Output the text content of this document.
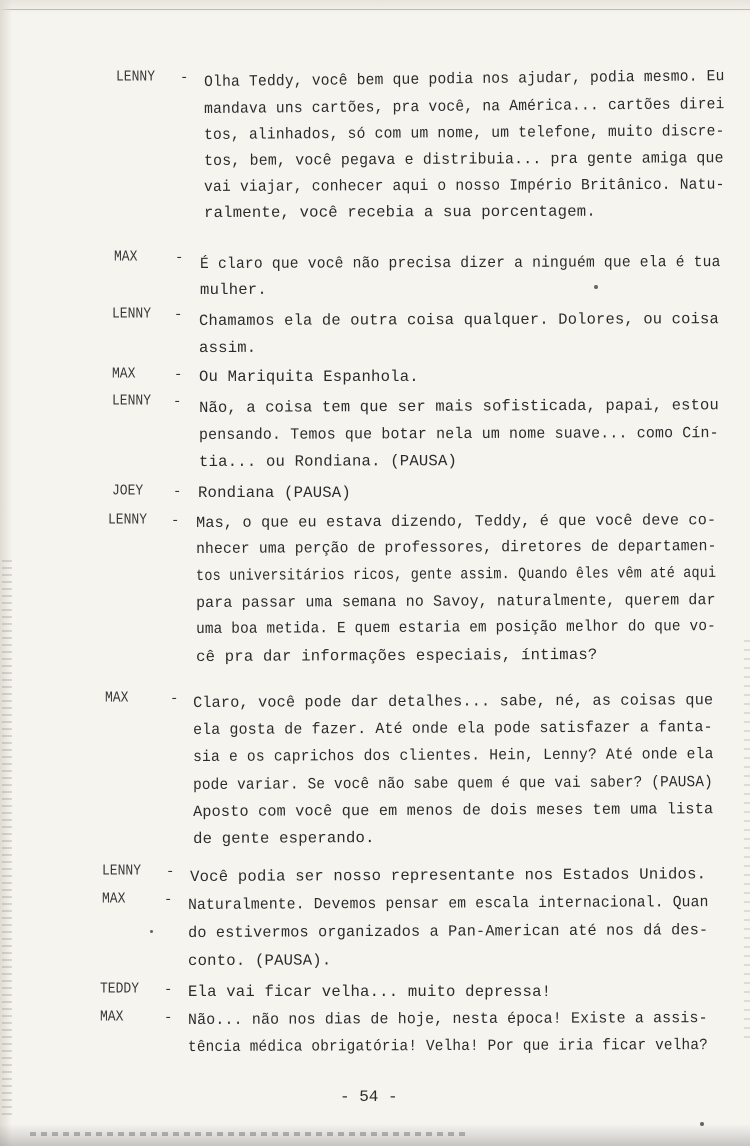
LENNY - Olha Teddy, você bem que podia nos ajudar, podia mesmo. Eu
mandava uns cartões, pra você, na América... cartões direi
tos, alinhados, só com um nome, um telefone, muito discre-
tos, bem, você pegava e distribuia... pra gente amiga que
vai viajar, conhecer aqui o nosso Império Britânico. Natu-
ralmente, você recebia a sua porcentagem.
MAX	- É claro que você não precisa dizer a ninguém que ela é tua
mulher.
LENNY - Chamamos ela de outra coisa qualquer. Dolores, ou coisa
assim.
MAX	- Ou Mariquita Espanhola.
LENNY - Não, a coisa tem que ser mais sofisticada, papai, estou
pensando. Temos que botar nela um nome suave... como Cín-
tia... ou Rondiana. (PAUSA)
JOEY - Rondiana (PAUSA)
LENNY - Mas, o que eu estava dizendo, Teddy, é que você deve co-
nhecer uma perção de professores, diretores de departamen-
tos universitários ricos, gente assim. Quando êles vêm até aqui
para passar uma semana no Savoy, naturalmente, querem dar
uma boa metida. E quem estaria em posição melhor do que vo-
cê pra dar informações especiais, íntimas?
MAX	- Claro, você pode dar detalhes... sabe, né, as coisas que
ela gosta de fazer. Até onde ela pode satisfazer a fanta-
sia e os caprichos dos clientes. Hein, Lenny? Até onde ela
pode variar. Se você não sabe quem é que vai saber? (PAUSA)
Aposto com você que em menos de dois meses tem uma lista
de gente esperando.
LENNY - Você podia ser nosso representante nos Estados Unidos.
MAX	- Naturalmente. Devemos pensar em escala internacional. Quan
do estivermos organizados a Pan-American até nos dá des-
conto. (PAUSA).
TEDDY - Ela vai ficar velha... muito depressa!
MAX	- Não... não nos dias de hoje, nesta época! Existe a assis-
tência médica obrigatória! Velha! Por que iria ficar velha?
- 54 -
